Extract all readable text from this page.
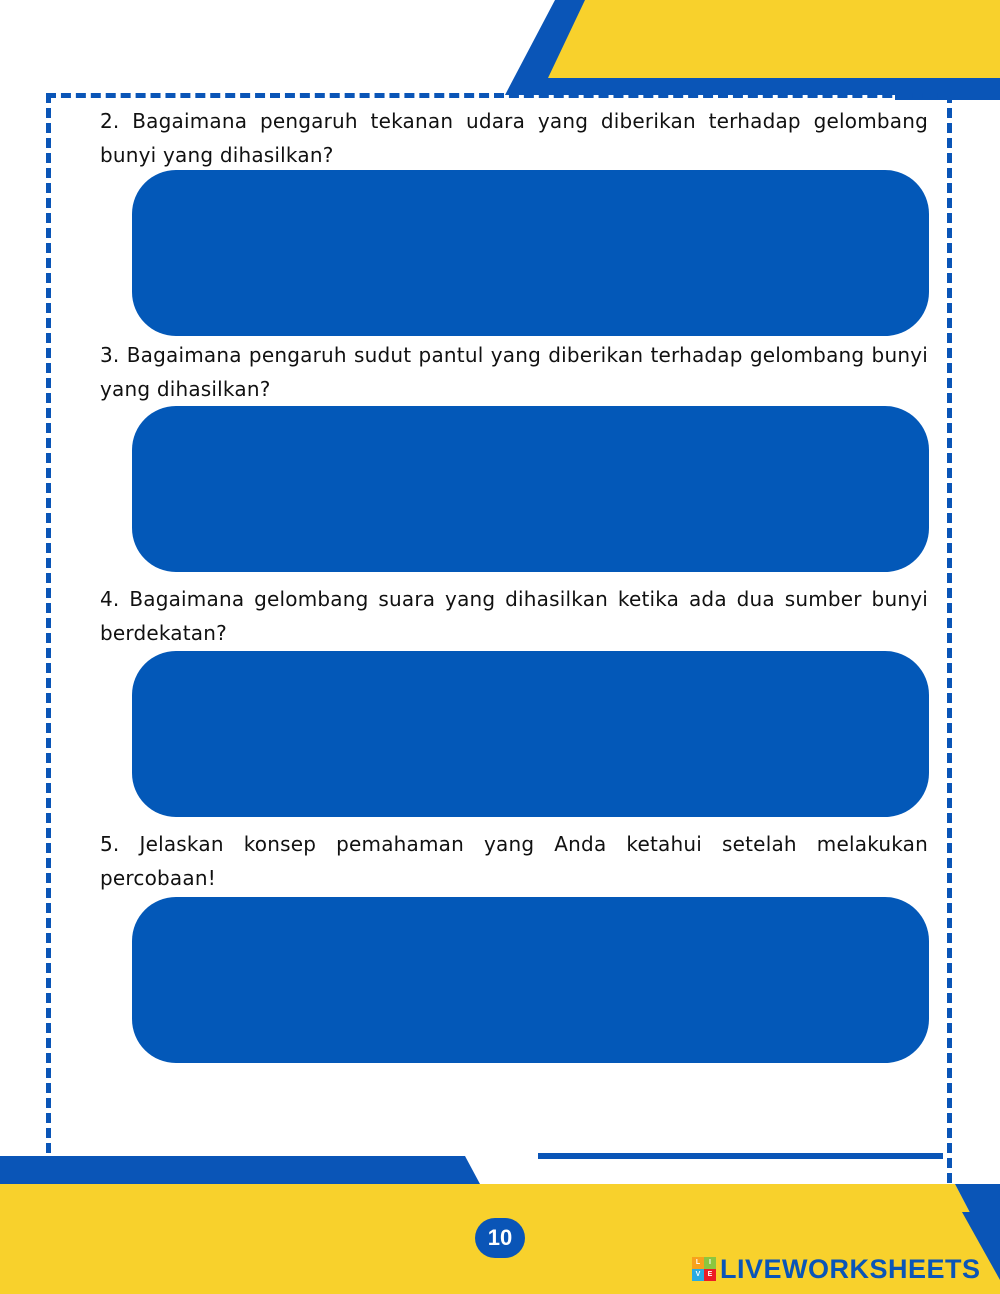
2. Bagaimana pengaruh tekanan udara yang diberikan terhadap gelombang bunyi yang dihasilkan?
3. Bagaimana pengaruh sudut pantul yang diberikan terhadap gelombang bunyi yang dihasilkan?
4. Bagaimana gelombang suara yang dihasilkan ketika ada dua sumber bunyi berdekatan?
5. Jelaskan konsep pemahaman yang Anda ketahui setelah melakukan percobaan!
10
L	I
V	E LIVEWORKSHEETS
